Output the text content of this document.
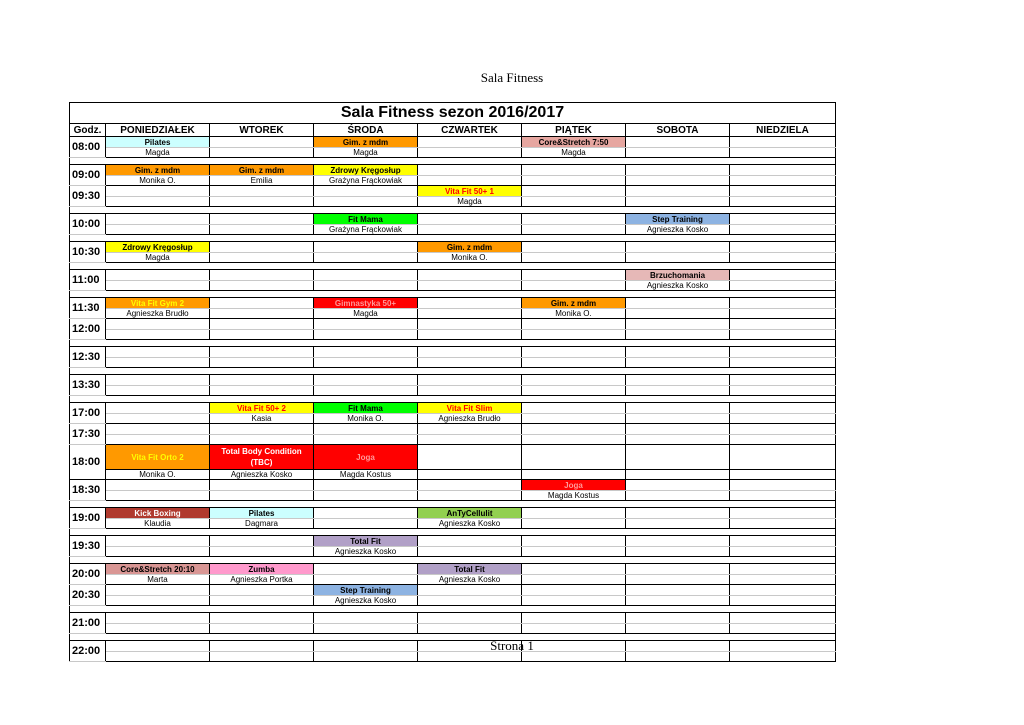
Sala Fitness
Sala Fitness sezon 2016/2017							
Godz.	PONIEDZIAŁEK	WTOREK	ŚRODA	CZWARTEK	PIĄTEK	SOBOTA	NIEDZIELA
08:00	Pilates		Gim. z mdm		Core&Stretch 7:50		
	Magda		Magda		Magda		

09:00	Gim. z mdm	Gim. z mdm	Zdrowy Kręgosłup				
	Monika O.	Emilia	Grażyna Frąckowiak				
09:30				Vita Fit 50+ 1			
				Magda			

10:00			Fit Mama			Step Training	
			Grażyna Frąckowiak			Agnieszka Kosko	

10:30	Zdrowy Kręgosłup			Gim. z mdm			
	Magda			Monika O.			

11:00						Brzuchomania	
						Agnieszka Kosko	

11:30	Vita Fit Gym 2		Gimnastyka 50+		Gim. z mdm		
	Agnieszka Brudło		Magda		Monika O.		
12:00							

12:30							

13:30							

17:00		Vita Fit 50+ 2	Fit Mama	Vita Fit Slim			
		Kasia	Monika O.	Agnieszka Brudło			
17:30							

18:00	Vita Fit Orto 2	Total Body Condition (TBC)	Joga				
	Monika O.	Agnieszka Kosko	Magda Kostus				
18:30					Joga		
					Magda Kostus		

19:00	Kick Boxing	Pilates		AnTyCellulit			
	Klaudia	Dagmara		Agnieszka Kosko			

19:30			Total Fit				
			Agnieszka Kosko				

20:00	Core&Stretch 20:10	Zumba		Total Fit			
	Marta	Agnieszka Portka		Agnieszka Kosko			
20:30			Step Training				
			Agnieszka Kosko				

21:00							

22:00							
							Strona 1
